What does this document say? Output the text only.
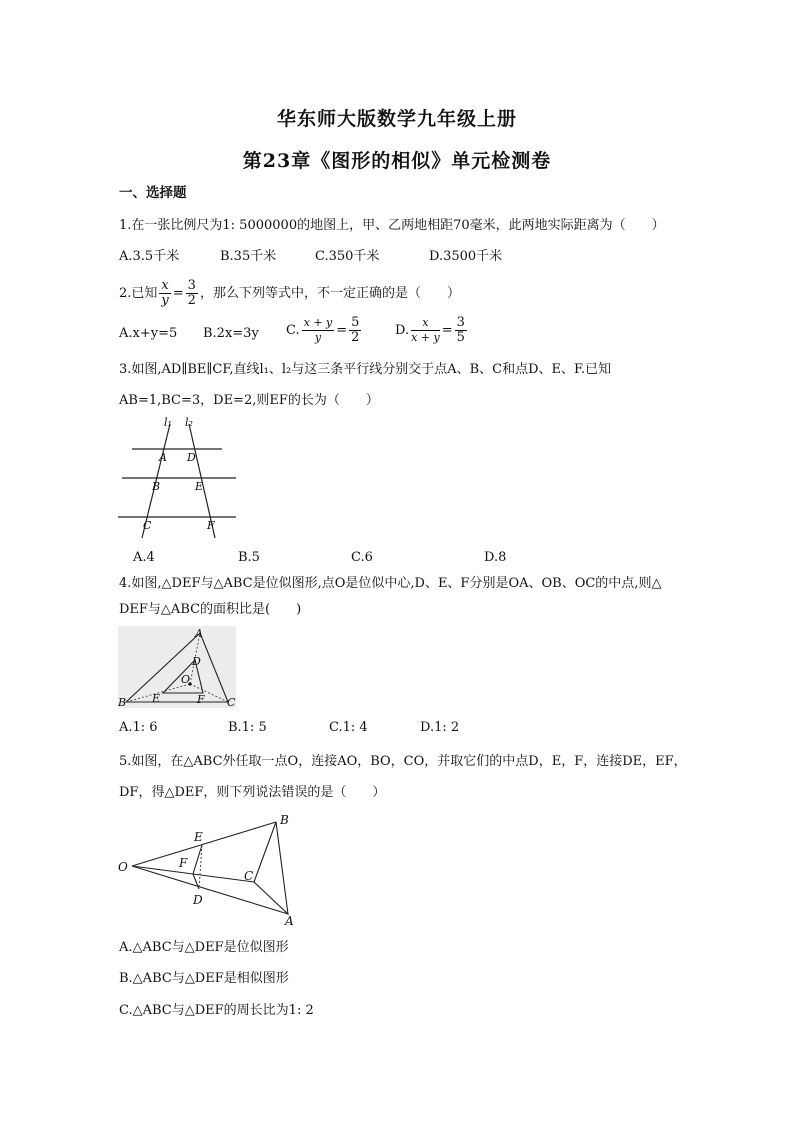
华东师大版数学九年级上册
第23章《图形的相似》单元检测卷
一、选择题
1.在一张比例尺为1: 5000000的地图上，甲、乙两地相距70毫米，此两地实际距离为（　　）
A.3.5千米	B.35千米	C.350千米	D.3500千米
2.已知 $\frac{x}{y} = \frac{3}{2}$ ，那么下列等式中，不一定正确的是（　　）
A.x+y=5 B.2x=3y C. $\frac{x + y}{y} = \frac{5}{2}$	D. $\frac{x}{x + y} = \frac{3}{5}$
3.如图,AD∥BE∥CF,直线l₁、l₂与这三条平行线分别交于点A、B、C和点D、E、F.已知
AB=1,BC=3，DE=2,则EF的长为（　　）
l₁ l₂
A D
B	E
C	F
A.4	B.5	C.6	D.8
4.如图,△DEF与△ABC是位似图形,点O是位似中心,D、E、F分别是OA、OB、OC的中点,则△
DEF与△ABC的面积比是(　　)
A
D
O
B E	F C
A.1: 6	B.1: 5	C.1: 4	D.1: 2
5.如图，在△ABC外任取一点O，连接AO，BO，CO，并取它们的中点D，E，F，连接DE，EF，
DF，得△DEF，则下列说法错误的是（　　）
O
E
F
D
B
C
A
A.△ABC与△DEF是位似图形
B.△ABC与△DEF是相似图形
C.△ABC与△DEF的周长比为1: 2
